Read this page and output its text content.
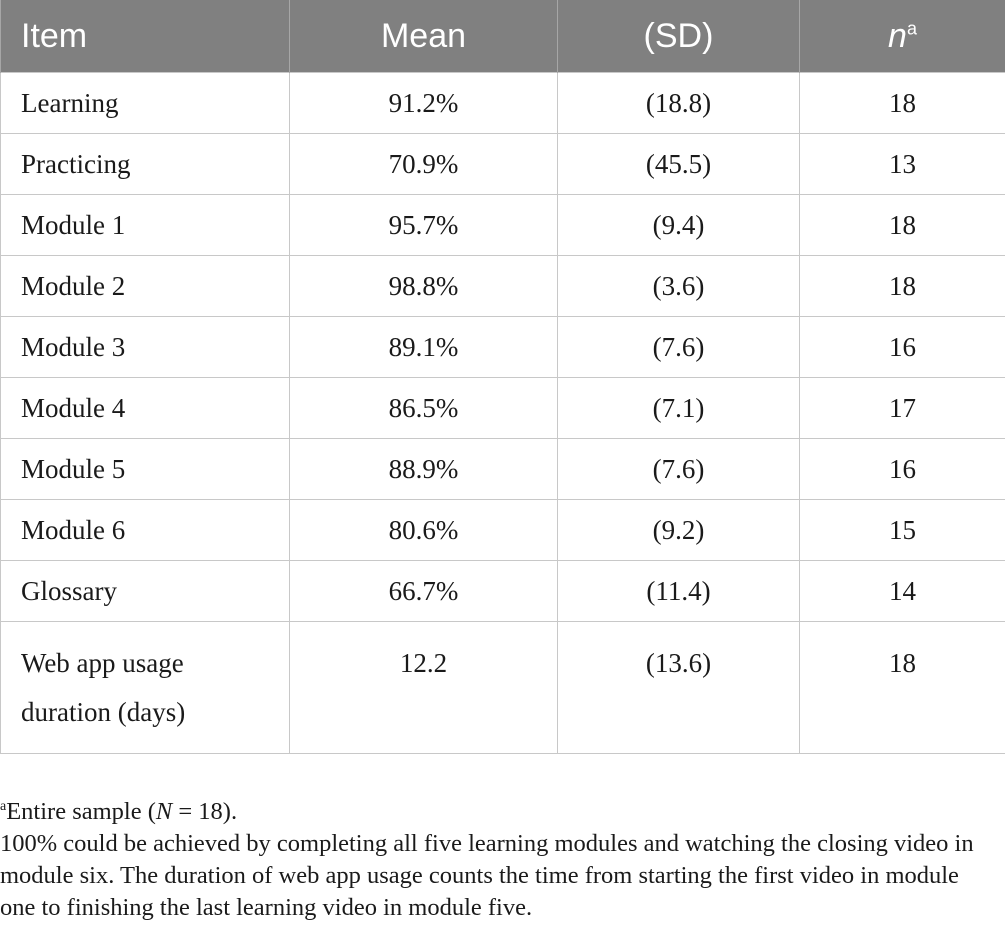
Item	Mean	(SD)	$n^a$
Learning	91.2%	(18.8)	18
Practicing	70.9%	(45.5)	13
Module 1	95.7%	(9.4)	18
Module 2	98.8%	(3.6)	18
Module 3	89.1%	(7.6)	16
Module 4	86.5%	(7.1)	17
Module 5	88.9%	(7.6)	16
Module 6	80.6%	(9.2)	15
Glossary	66.7%	(11.4)	14
Web app usage
duration (days)	12.2	(13.6)	18

$^a$Entire sample (N = 18).

100% could be achieved by completing all five learning modules and watching the closing video in module six. The duration of web app usage counts the time from starting the first video in module one to finishing the last learning video in module five.
